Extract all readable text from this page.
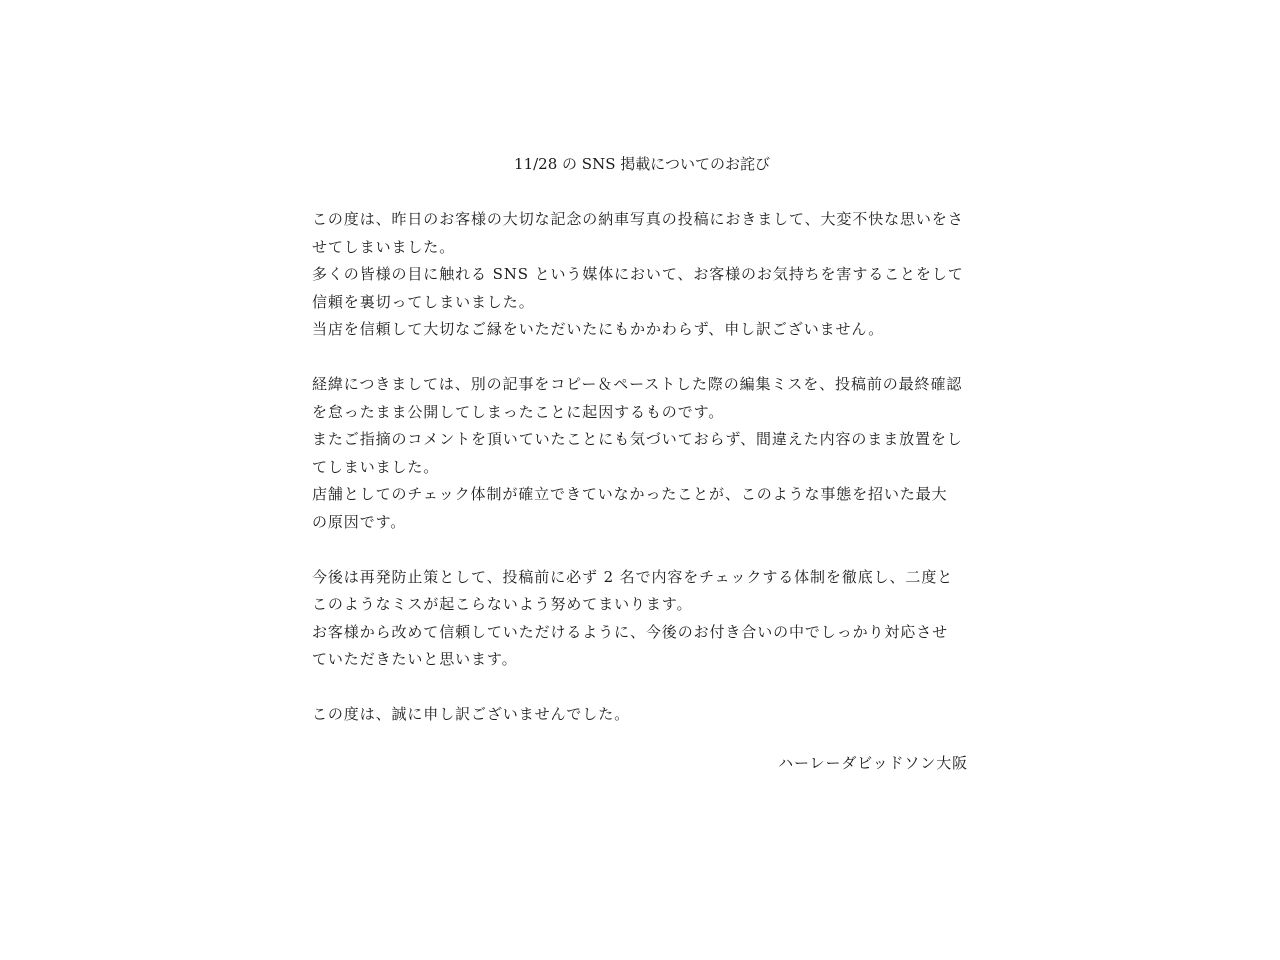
11/28 の SNS 掲載についてのお詫び
この度は、昨日のお客様の大切な記念の納車写真の投稿におきまして、大変不快な思いをさ
せてしまいました。
多くの皆様の目に触れる SNS という媒体において、お客様のお気持ちを害することをして
信頼を裏切ってしまいました。
当店を信頼して大切なご縁をいただいたにもかかわらず、申し訳ございません。
経緯につきましては、別の記事をコピー＆ペーストした際の編集ミスを、投稿前の最終確認
を怠ったまま公開してしまったことに起因するものです。
またご指摘のコメントを頂いていたことにも気づいておらず、間違えた内容のまま放置をし
てしまいました。
店舗としてのチェック体制が確立できていなかったことが、このような事態を招いた最大
の原因です。
今後は再発防止策として、投稿前に必ず 2 名で内容をチェックする体制を徹底し、二度と
このようなミスが起こらないよう努めてまいります。
お客様から改めて信頼していただけるように、今後のお付き合いの中でしっかり対応させ
ていただきたいと思います。
この度は、誠に申し訳ございませんでした。
ハーレーダビッドソン大阪
